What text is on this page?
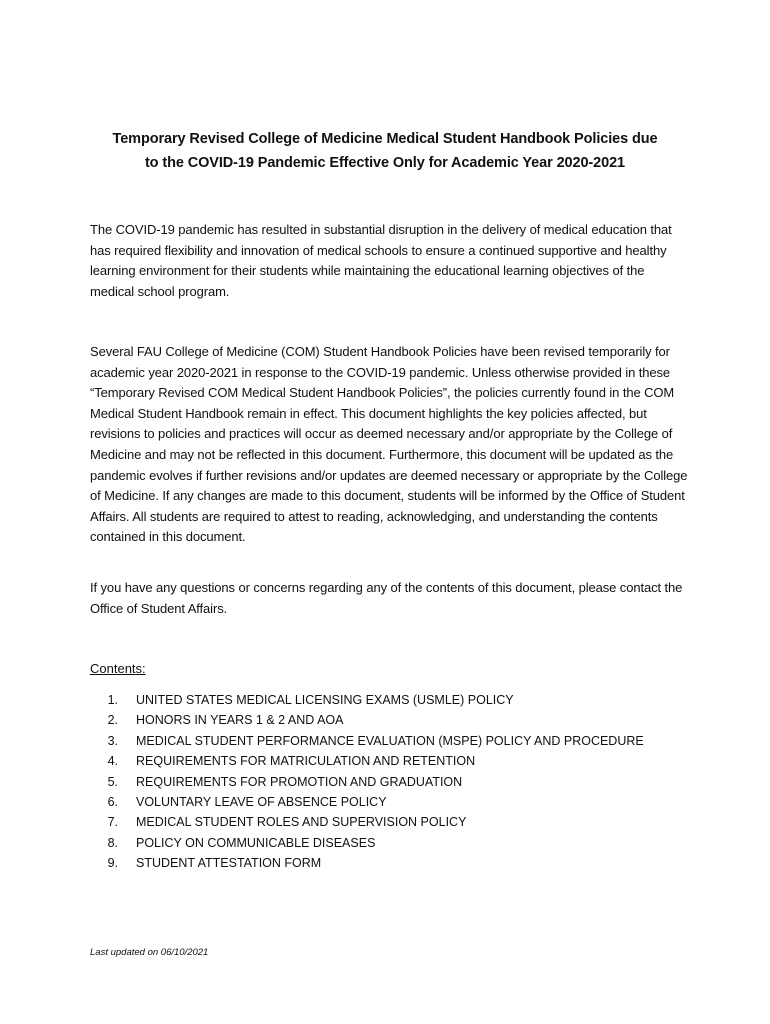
Temporary Revised College of Medicine Medical Student Handbook Policies due
to the COVID-19 Pandemic Effective Only for Academic Year 2020-2021
The COVID-19 pandemic has resulted in substantial disruption in the delivery of medical education that has required flexibility and innovation of medical schools to ensure a continued supportive and healthy learning environment for their students while maintaining the educational learning objectives of the medical school program.
Several FAU College of Medicine (COM) Student Handbook Policies have been revised temporarily for academic year 2020-2021 in response to the COVID-19 pandemic. Unless otherwise provided in these “Temporary Revised COM Medical Student Handbook Policies”, the policies currently found in the COM Medical Student Handbook remain in effect. This document highlights the key policies affected, but revisions to policies and practices will occur as deemed necessary and/or appropriate by the College of Medicine and may not be reflected in this document. Furthermore, this document will be updated as the pandemic evolves if further revisions and/or updates are deemed necessary or appropriate by the College of Medicine. If any changes are made to this document, students will be informed by the Office of Student Affairs. All students are required to attest to reading, acknowledging, and understanding the contents contained in this document.
If you have any questions or concerns regarding any of the contents of this document, please contact the Office of Student Affairs.
Contents:
1. UNITED STATES MEDICAL LICENSING EXAMS (USMLE) POLICY
2. HONORS IN YEARS 1 & 2 AND AOA
3. MEDICAL STUDENT PERFORMANCE EVALUATION (MSPE) POLICY AND PROCEDURE
4. REQUIREMENTS FOR MATRICULATION AND RETENTION
5. REQUIREMENTS FOR PROMOTION AND GRADUATION
6. VOLUNTARY LEAVE OF ABSENCE POLICY
7. MEDICAL STUDENT ROLES AND SUPERVISION POLICY
8. POLICY ON COMMUNICABLE DISEASES
9. STUDENT ATTESTATION FORM
Last updated on 06/10/2021
